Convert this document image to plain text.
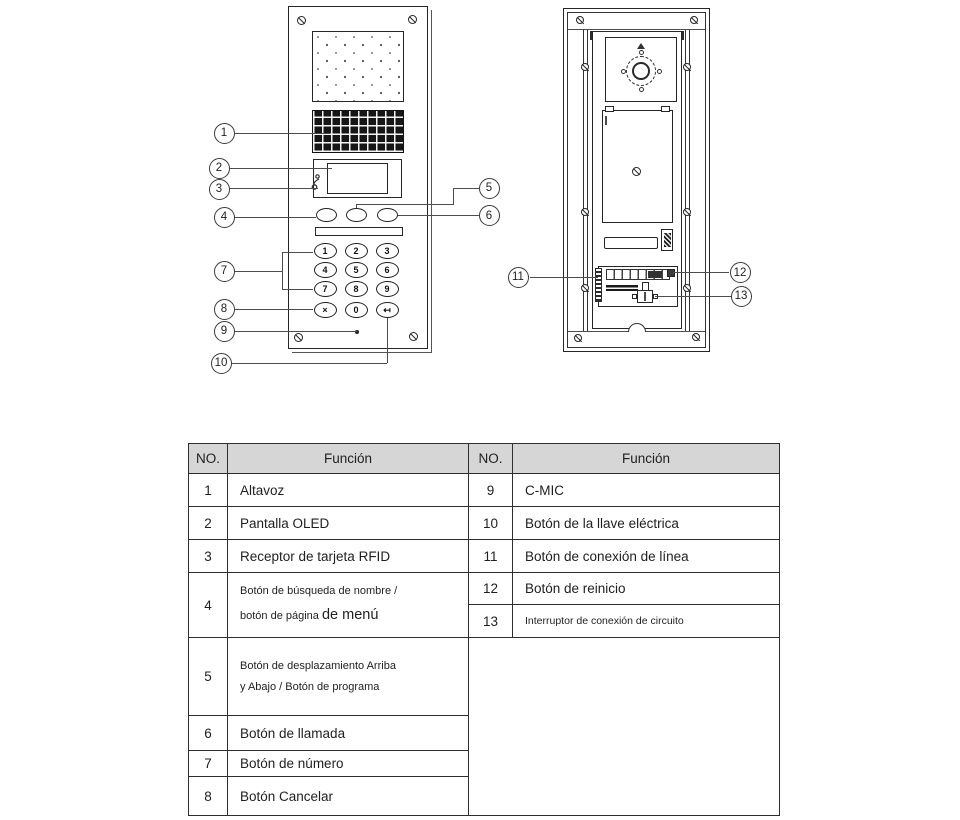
1	2	3
4	5	6
7	8	9
×	0	↤
1
2
3
4
5
6
7
8
9
10
11	12
13
NO.	Función	NO.	Función
1	Altavoz	9	C-MIC
2	Pantalla OLED	10	Botón de la llave eléctrica
3	Receptor de tarjeta RFID	11	Botón de conexión de línea
4	Botón de búsqueda de nombre /
botón de página de menú	12	Botón de reinicio
		13	Interruptor de conexión de circuito
5	Botón de desplazamiento Arriba
y Abajo / Botón de programa		
6	Botón de llamada		
7	Botón de número		
8	Botón Cancelar		
